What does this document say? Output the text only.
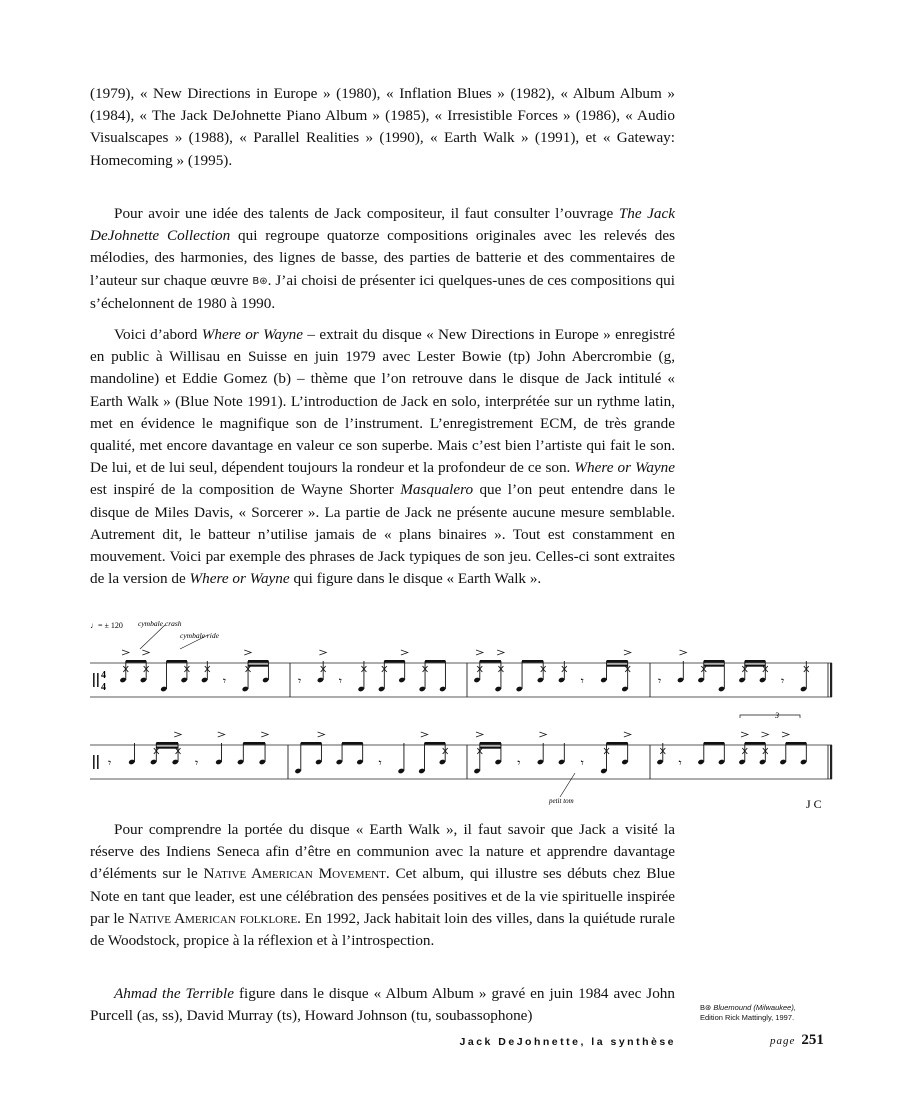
(1979), « New Directions in Europe » (1980), « Inflation Blues » (1982), « Album Album » (1984), « The Jack DeJohnette Piano Album » (1985), « Irresistible Forces » (1986), « Audio Visualscapes » (1988), « Parallel Realities » (1990), « Earth Walk » (1991), et « Gateway: Homecoming » (1995).

Pour avoir une idée des talents de Jack compositeur, il faut consulter l’ouvrage The Jack DeJohnette Collection qui regroupe quatorze compositions originales avec les relevés des mélodies, des harmonies, des lignes de basse, des parties de batterie et des commentaires de l’auteur sur chaque œuvre B⊛. J’ai choisi de présenter ici quelques-unes de ces compositions qui s’échelonnent de 1980 à 1990.

Voici d’abord Where or Wayne – extrait du disque « New Directions in Europe » enregistré en public à Willisau en Suisse en juin 1979 avec Lester Bowie (tp) John Abercrombie (g, mandoline) et Eddie Gomez (b) – thème que l’on retrouve dans le disque de Jack intitulé « Earth Walk » (Blue Note 1991). L’introduction de Jack en solo, interprétée sur un rythme latin, met en évidence le magnifique son de l’instrument. L’enregistrement ECM, de très grande qualité, met encore davantage en valeur ce son superbe. Mais c’est bien l’artiste qui fait le son. De lui, et de lui seul, dépendent toujours la rondeur et la profondeur de ce son. Where or Wayne est inspiré de la composition de Wayne Shorter Masqualero que l’on peut entendre dans le disque de Miles Davis, « Sorcerer ». La partie de Jack ne présente aucune mesure semblable. Autrement dit, le batteur n’utilise jamais de « plans binaires ». Tout est constamment en mouvement. Voici par exemple des phrases de Jack typiques de son jeu. Celles-ci sont extraites de la version de Where or Wayne qui figure dans le disque « Earth Walk ».

♩= ± 120 cymbale crash
cymbale ride
petit tom
3
J C
4
4	𝄾	𝄾	𝄾	𝄾	𝄾	𝄾
𝄾	𝄾	𝄾	𝄾	𝄾	𝄾

Pour comprendre la portée du disque « Earth Walk », il faut savoir que Jack a visité la réserve des Indiens Seneca afin d’être en communion avec la nature et apprendre davantage d’éléments sur le Native American Movement. Cet album, qui illustre ses débuts chez Blue Note en tant que leader, est une célébration des pensées positives et de la vie spirituelle inspirée par le Native American folklore. En 1992, Jack habitait loin des villes, dans la quiétude rurale de Woodstock, propice à la réflexion et à l’introspection.

Ahmad the Terrible figure dans le disque « Album Album » gravé en juin 1984 avec John Purcell (as, ss), David Murray (ts), Howard Johnson (tu, soubassophone)	B⊛ Bluemound (Milwaukee),
Edition Rick Mattingly, 1997.
Jack DeJohnette, la synthèse	page 251
